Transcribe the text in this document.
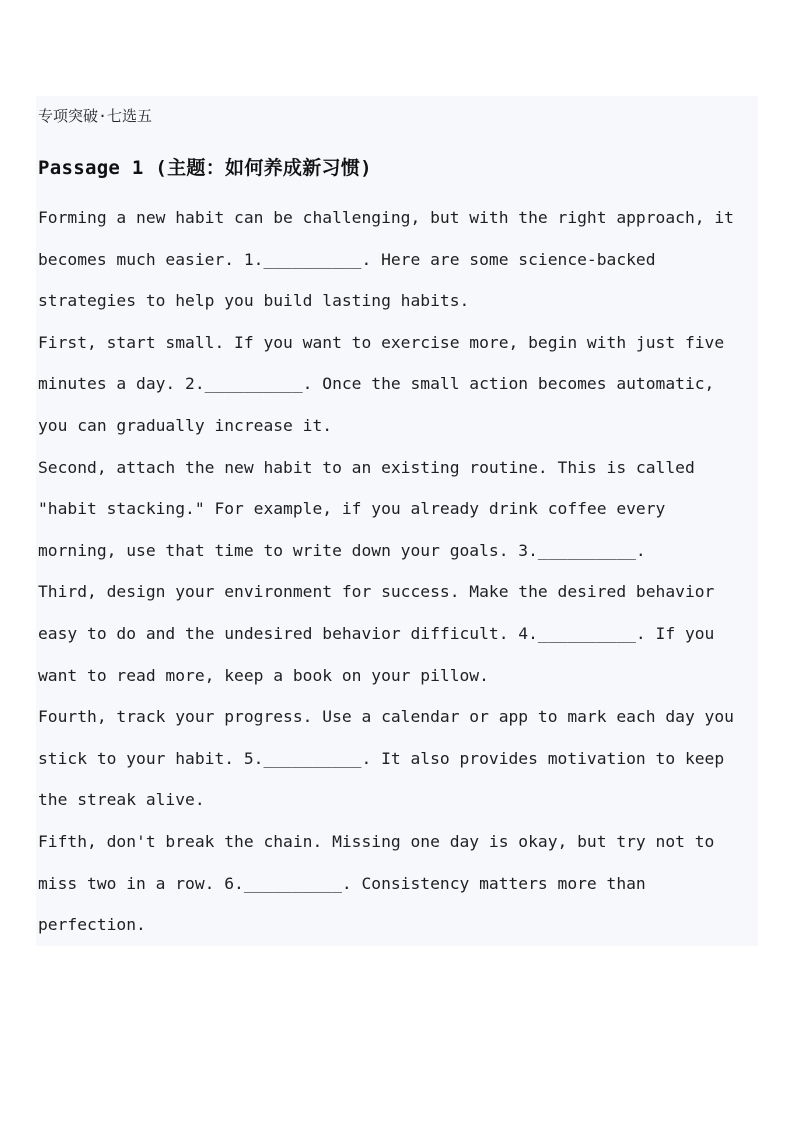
专项突破·七选五
Passage 1 (主题：如何养成新习惯)
Forming a new habit can be challenging, but with the right approach, it
becomes much easier. 1.__________. Here are some science-backed
strategies to help you build lasting habits.
First, start small. If you want to exercise more, begin with just five
minutes a day. 2.__________. Once the small action becomes automatic,
you can gradually increase it.
Second, attach the new habit to an existing routine. This is called
"habit stacking." For example, if you already drink coffee every
morning, use that time to write down your goals. 3.__________.
Third, design your environment for success. Make the desired behavior
easy to do and the undesired behavior difficult. 4.__________. If you
want to read more, keep a book on your pillow.
Fourth, track your progress. Use a calendar or app to mark each day you
stick to your habit. 5.__________. It also provides motivation to keep
the streak alive.
Fifth, don't break the chain. Missing one day is okay, but try not to
miss two in a row. 6.__________. Consistency matters more than
perfection.
